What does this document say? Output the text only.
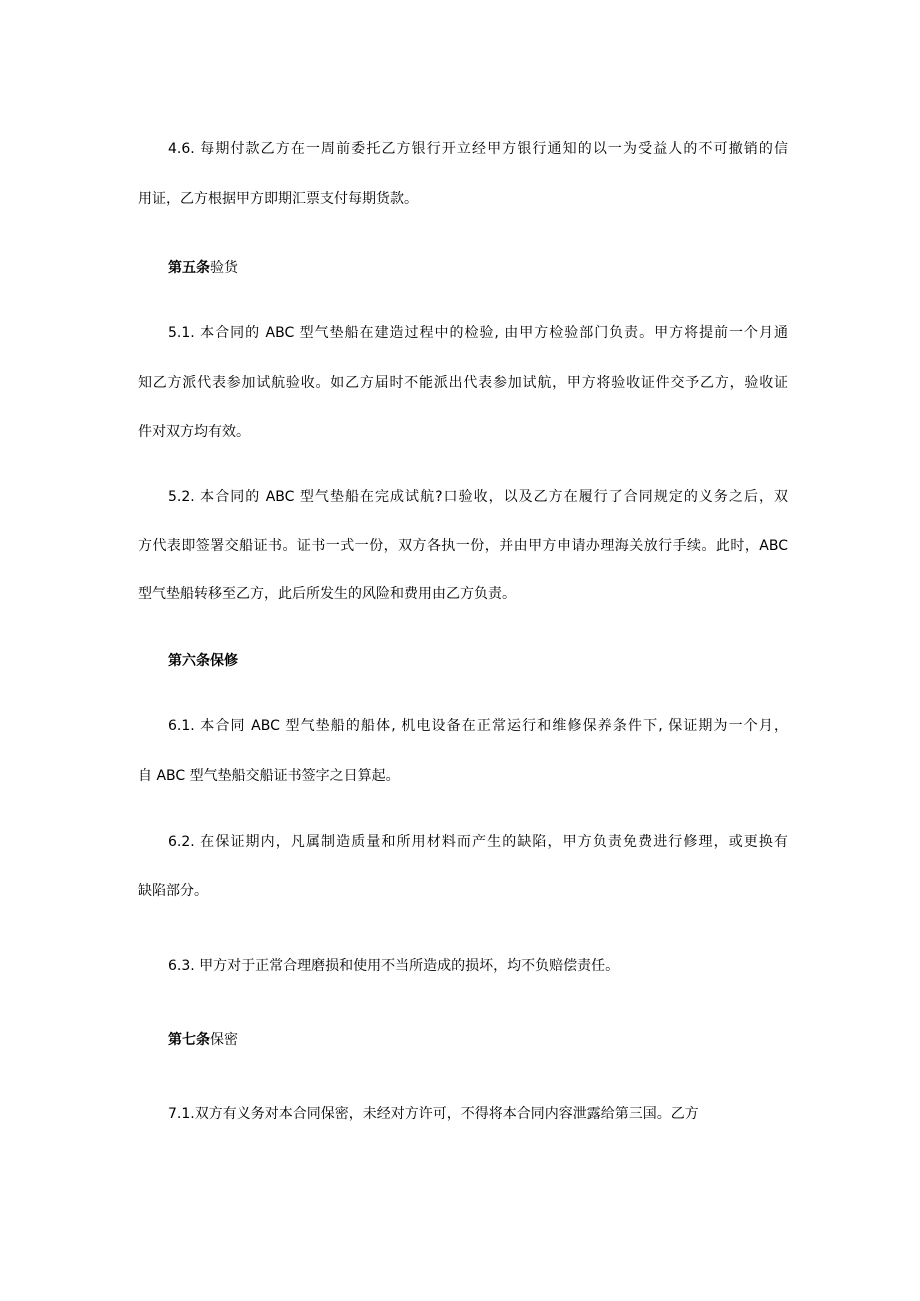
4.6. 每期付款乙方在一周前委托乙方银行开立经甲方银行通知的以一为受益人的不可撤销的信
用证，乙方根据甲方即期汇票支付每期货款。
第五条验货
5.1. 本合同的 ABC 型气垫船在建造过程中的检验, 由甲方检验部门负责。甲方将提前一个月通
知乙方派代表参加试航验收。如乙方届时不能派出代表参加试航，甲方将验收证件交予乙方，验收证
件对双方均有效。
5.2. 本合同的 ABC 型气垫船在完成试航?口验收，以及乙方在履行了合同规定的义务之后，双
方代表即签署交船证书。证书一式一份，双方各执一份，并由甲方申请办理海关放行手续。此时，ABC
型气垫船转移至乙方，此后所发生的风险和费用由乙方负责。
第六条保修
6.1. 本合同 ABC 型气垫船的船体, 机电设备在正常运行和维修保养条件下, 保证期为一个月，
自 ABC 型气垫船交船证书签字之日算起。
6.2. 在保证期内，凡属制造质量和所用材料而产生的缺陷，甲方负责免费进行修理，或更换有
缺陷部分。
6.3. 甲方对于正常合理磨损和使用不当所造成的损坏，均不负赔偿责任。
第七条保密
7.1.双方有义务对本合同保密，未经对方许可，不得将本合同内容泄露给第三国。乙方
